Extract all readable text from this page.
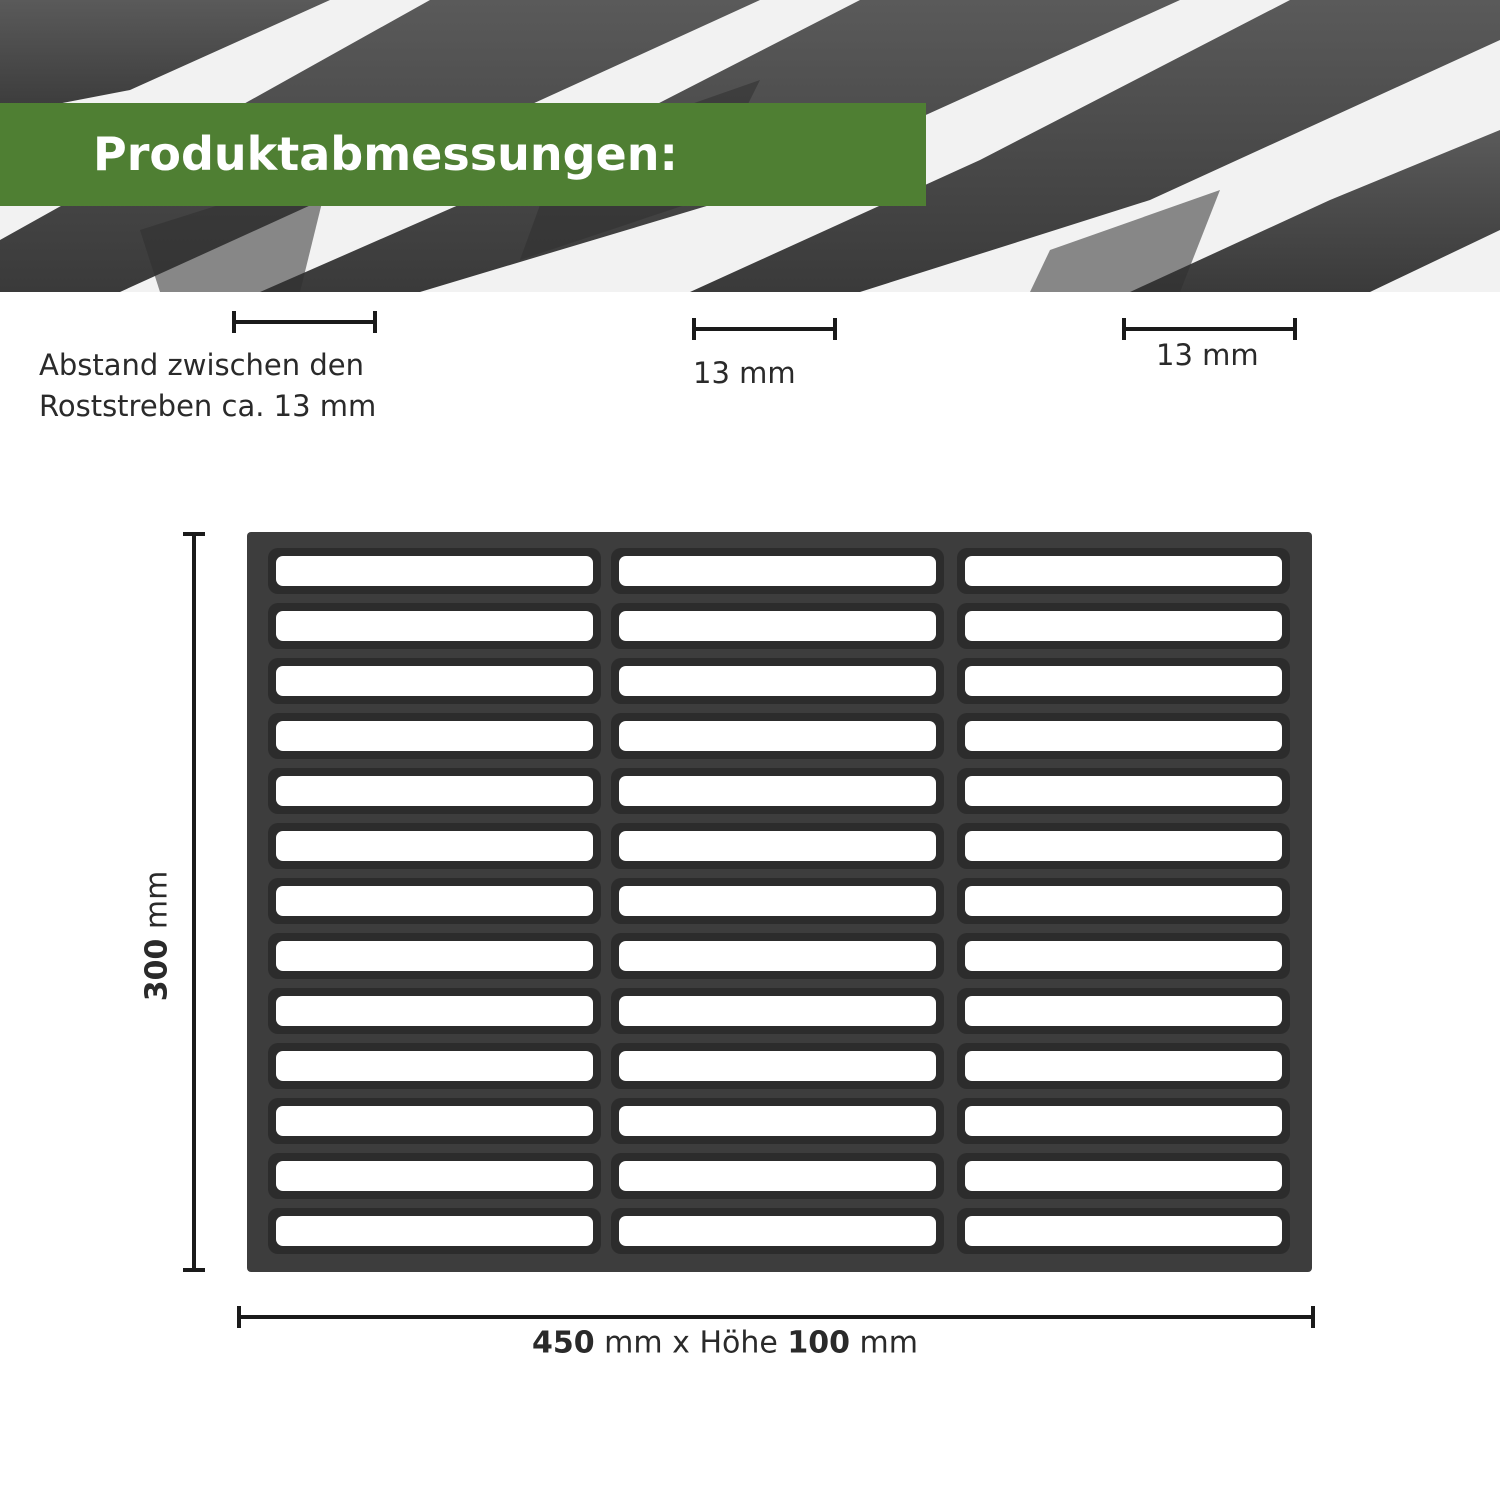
Produktabmessungen:
Abstand zwischen den
Roststreben ca. 13 mm
13 mm
13 mm
300 mm
450 mm x Höhe 100 mm
